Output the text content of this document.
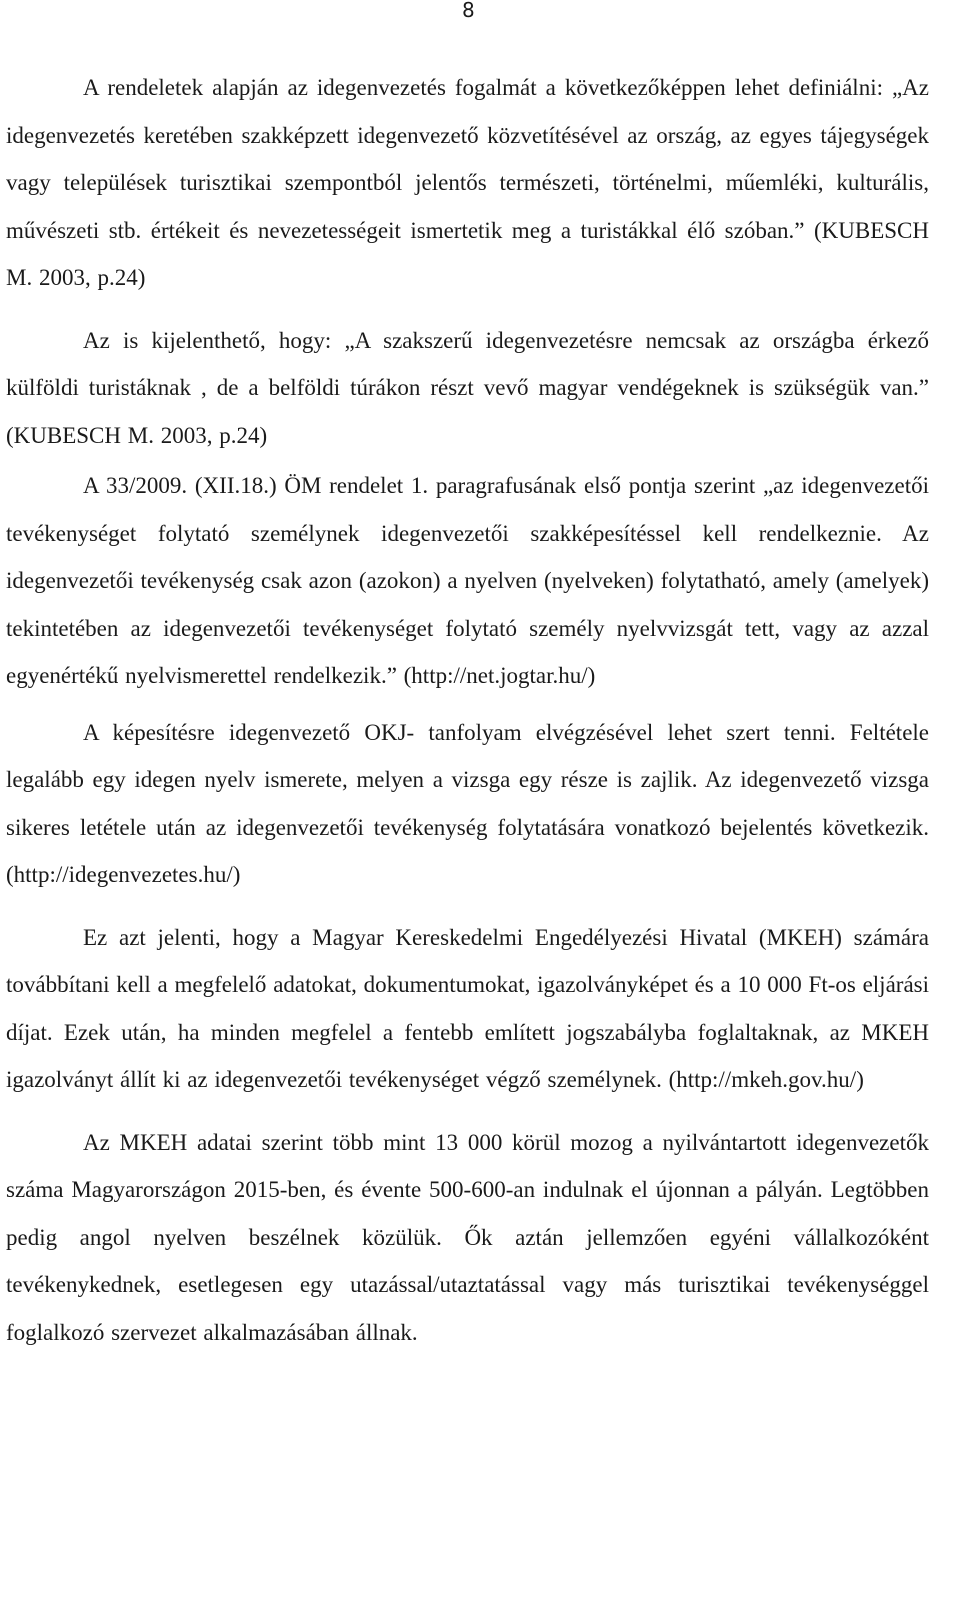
8

A rendeletek alapján az idegenvezetés fogalmát a következőképpen lehet definiálni: „Az idegenvezetés keretében szakképzett idegenvezető közvetítésével az ország, az egyes tájegységek vagy települések turisztikai szempontból jelentős természeti, történelmi, műemléki, kulturális, művészeti stb. értékeit és nevezetességeit ismertetik meg a turistákkal élő szóban.” (KUBESCH M. 2003, p.24)

Az is kijelenthető, hogy: „A szakszerű idegenvezetésre nemcsak az országba érkező külföldi turistáknak , de a belföldi túrákon részt vevő magyar vendégeknek is szükségük van.” (KUBESCH M. 2003, p.24)

A 33/2009. (XII.18.) ÖM rendelet 1. paragrafusának első pontja szerint „az idegenvezetői tevékenységet folytató személynek idegenvezetői szakképesítéssel kell rendelkeznie. Az idegenvezetői tevékenység csak azon (azokon) a nyelven (nyelveken) folytatható, amely (amelyek) tekintetében az idegenvezetői tevékenységet folytató személy nyelvvizsgát tett, vagy az azzal egyenértékű nyelvismerettel rendelkezik.” (http://net.jogtar.hu/)

A képesítésre idegenvezető OKJ- tanfolyam elvégzésével lehet szert tenni. Feltétele legalább egy idegen nyelv ismerete, melyen a vizsga egy része is zajlik. Az idegenvezető vizsga sikeres letétele után az idegenvezetői tevékenység folytatására vonatkozó bejelentés következik. (http://idegenvezetes.hu/)

Ez azt jelenti, hogy a Magyar Kereskedelmi Engedélyezési Hivatal (MKEH) számára továbbítani kell a megfelelő adatokat, dokumentumokat, igazolványképet és a 10 000 Ft-os eljárási díjat. Ezek után, ha minden megfelel a fentebb említett jogszabályba foglaltaknak, az MKEH igazolványt állít ki az idegenvezetői tevékenységet végző személynek. (http://mkeh.gov.hu/)

Az MKEH adatai szerint több mint 13 000 körül mozog a nyilvántartott idegenvezetők száma Magyarországon 2015-ben, és évente 500-600-an indulnak el újonnan a pályán. Legtöbben pedig angol nyelven beszélnek közülük. Ők aztán jellemzően egyéni vállalkozóként tevékenykednek, esetlegesen egy utazással/utaztatással vagy más turisztikai tevékenységgel foglalkozó szervezet alkalmazásában állnak.
